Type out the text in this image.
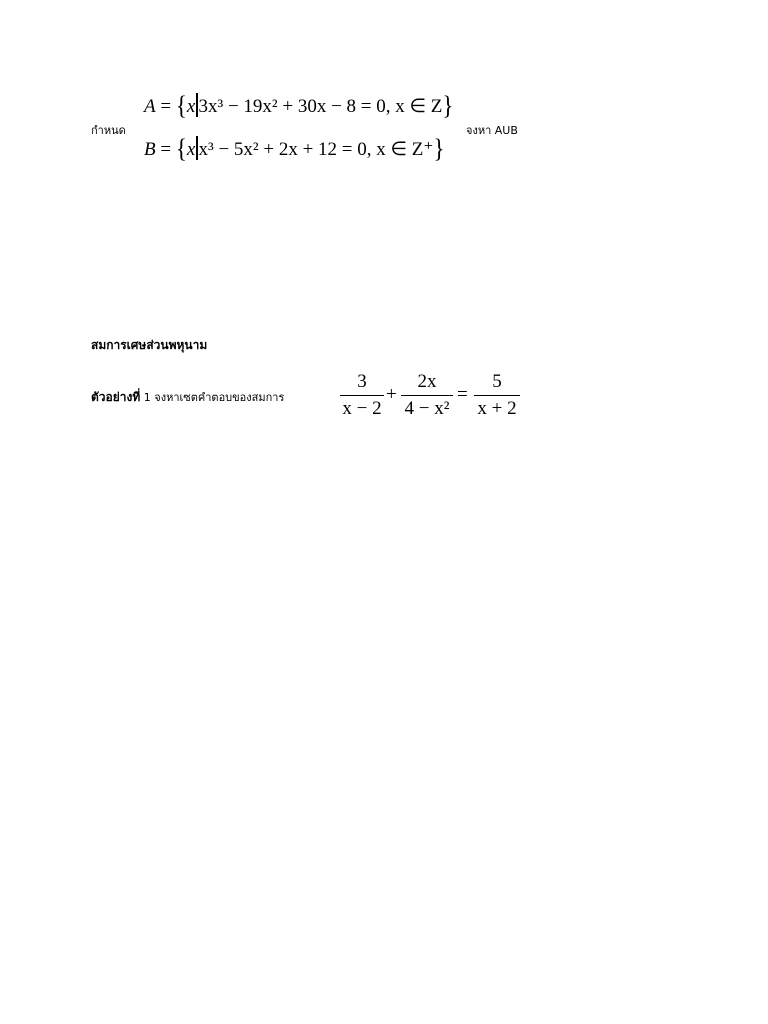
กำหนด
A = {x 3x³ − 19x² + 30x − 8 = 0, x ∈ Z}
จงหา AUB
B = {x x³ − 5x² + 2x + 12 = 0, x ∈ Z⁺}
สมการเศษส่วนพหุนาม
ตัวอย่างที่ 1 จงหาเซตคำตอบของสมการ
3
x − 2
+
2x
4 − x²
=
5
x + 2
